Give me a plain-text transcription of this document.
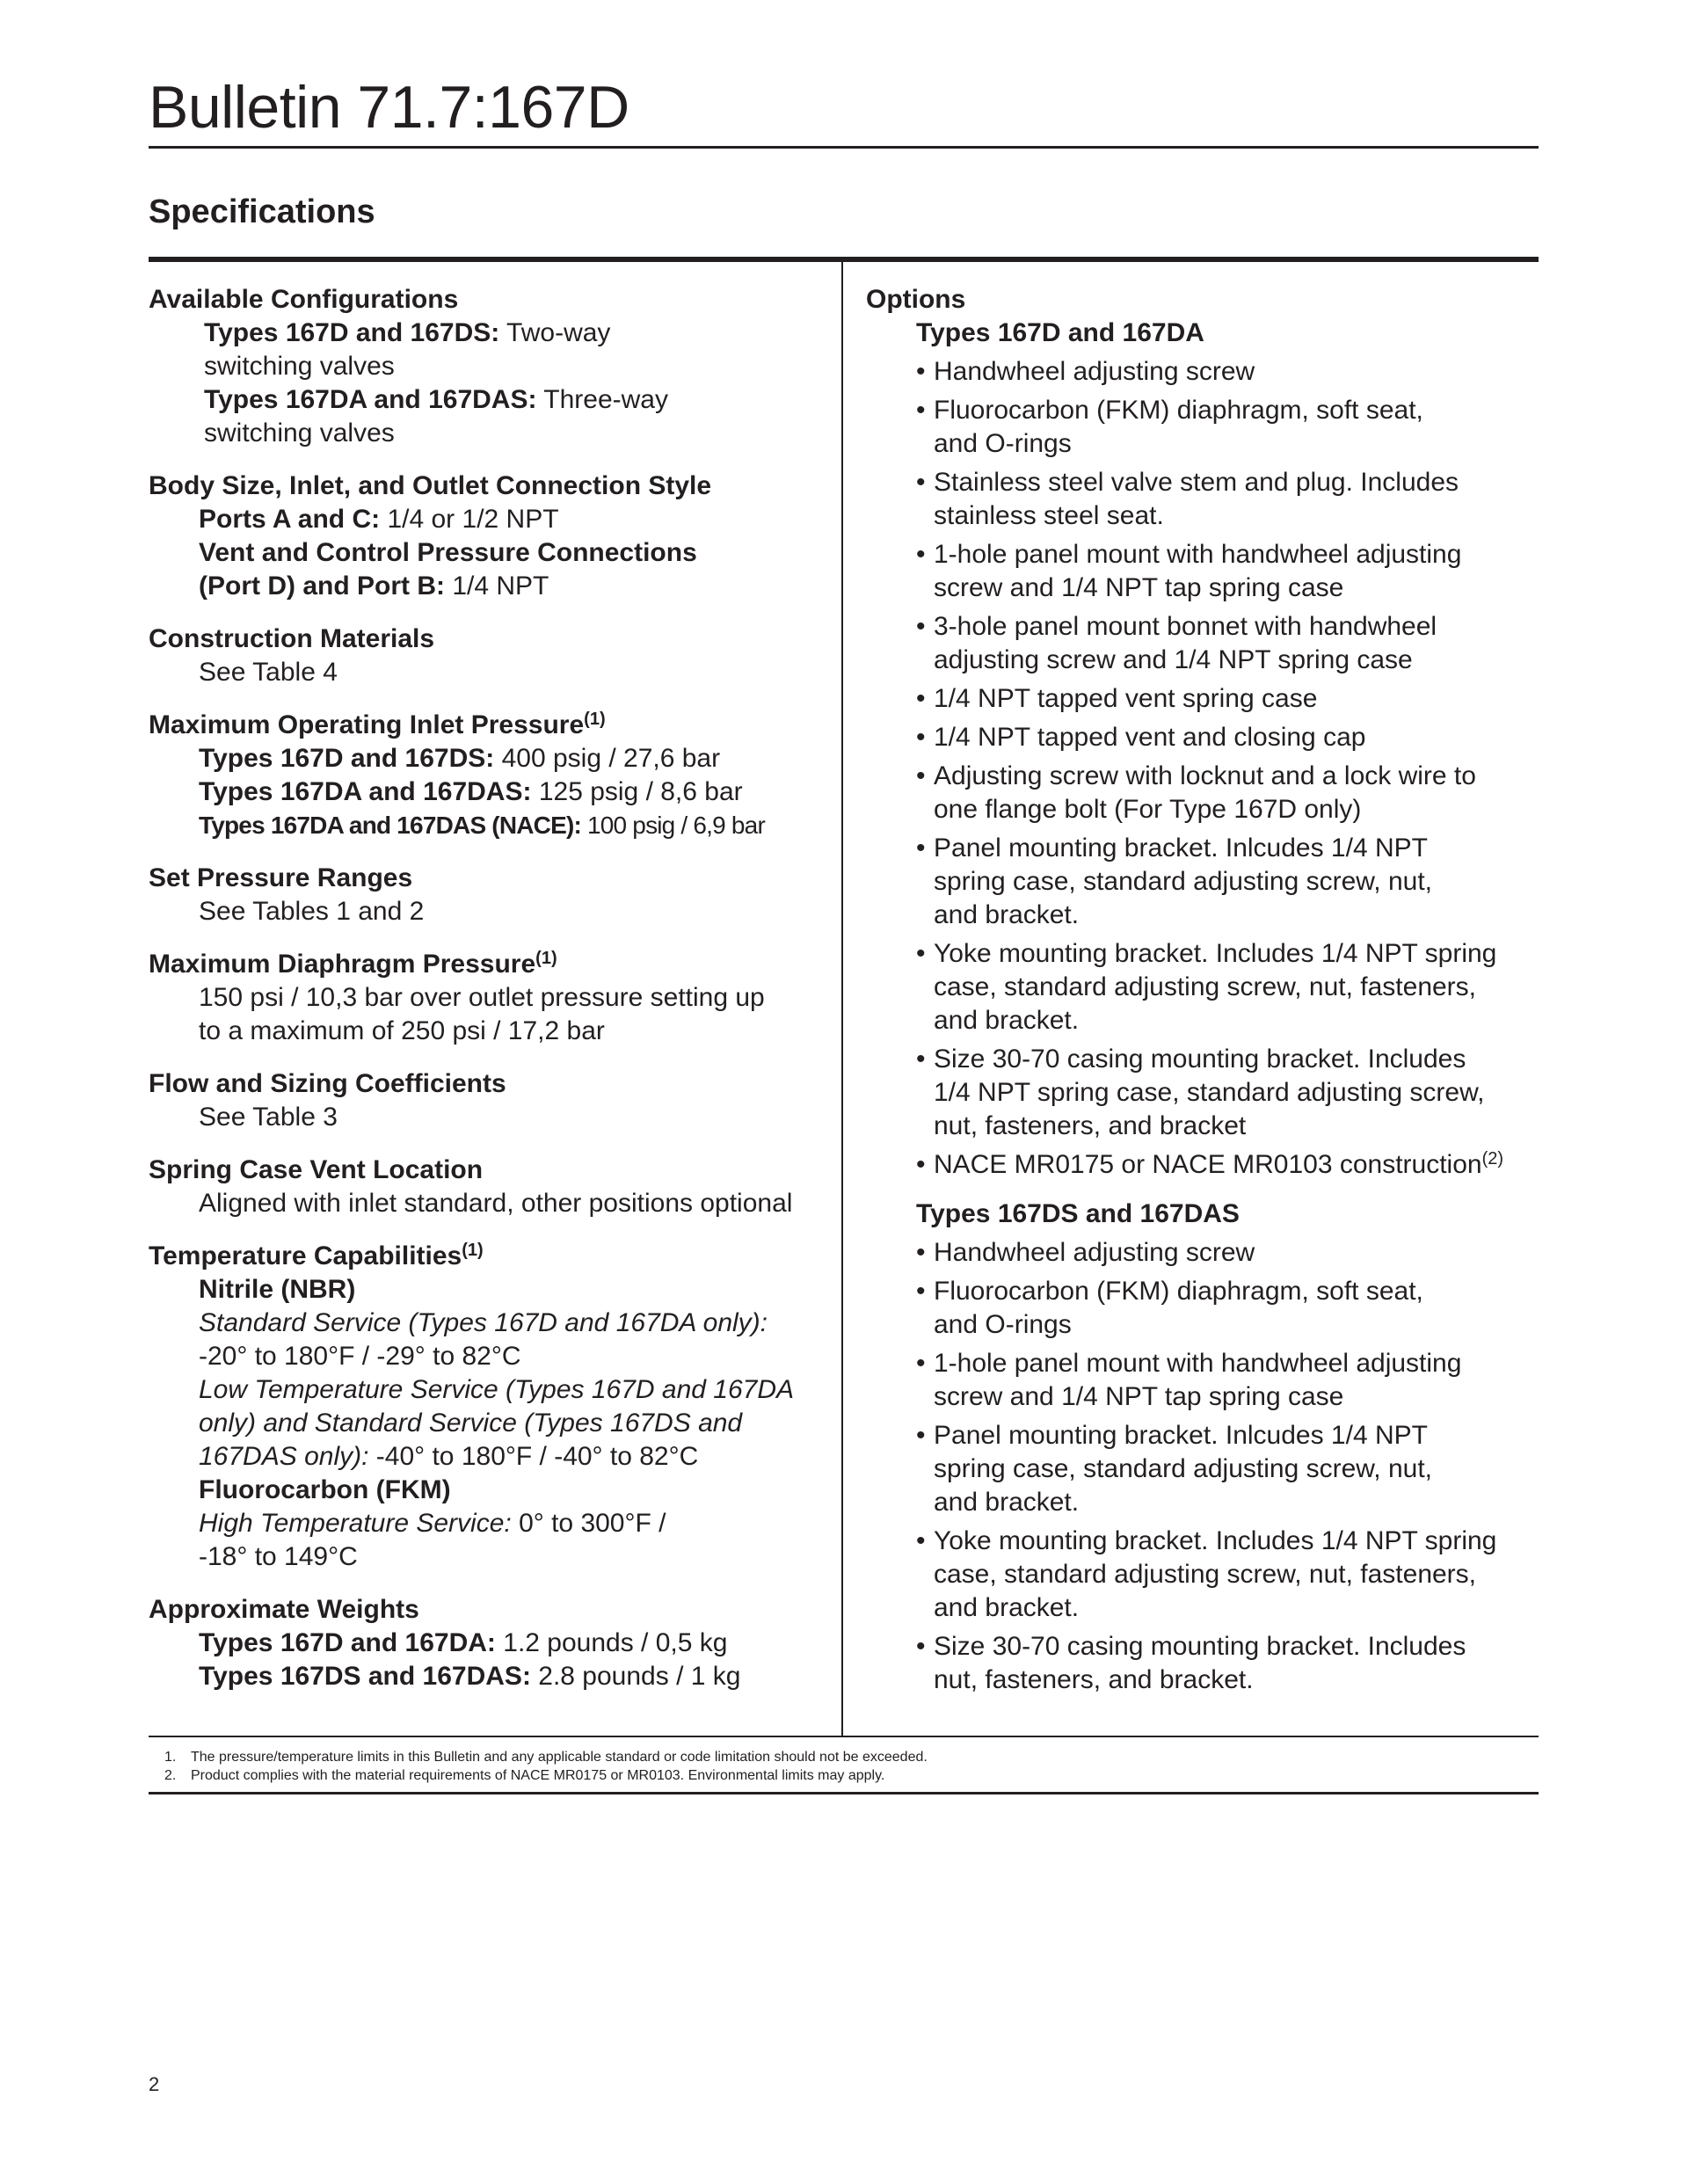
Bulletin 71.7:167D
Specifications
Available Configurations
Types 167D and 167DS: Two-way
switching valves
Types 167DA and 167DAS: Three-way
switching valves
Body Size, Inlet, and Outlet Connection Style
Ports A and C: 1/4 or 1/2 NPT
Vent and Control Pressure Connections
(Port D) and Port B: 1/4 NPT
Construction Materials
See Table 4
Maximum Operating Inlet Pressure$^{(1)}$
Types 167D and 167DS: 400 psig / 27,6 bar
Types 167DA and 167DAS: 125 psig / 8,6 bar
Types 167DA and 167DAS (NACE): 100 psig / 6,9 bar
Set Pressure Ranges
See Tables 1 and 2
Maximum Diaphragm Pressure$^{(1)}$
150 psi / 10,3 bar over outlet pressure setting up
to a maximum of 250 psi / 17,2 bar
Flow and Sizing Coefficients
See Table 3
Spring Case Vent Location
Aligned with inlet standard, other positions optional
Temperature Capabilities$^{(1)}$
Nitrile (NBR)
Standard Service (Types 167D and 167DA only):
-20° to 180°F / -29° to 82°C
Low Temperature Service (Types 167D and 167DA
only) and Standard Service (Types 167DS and
167DAS only): -40° to 180°F / -40° to 82°C
Fluorocarbon (FKM)
High Temperature Service: 0° to 300°F /
-18° to 149°C
Approximate Weights
Types 167D and 167DA: 1.2 pounds / 0,5 kg
Types 167DS and 167DAS: 2.8 pounds / 1 kg
Options
Types 167D and 167DA
• Handwheel adjusting screw
• Fluorocarbon (FKM) diaphragm, soft seat,
and O-rings
• Stainless steel valve stem and plug. Includes
stainless steel seat.
• 1-hole panel mount with handwheel adjusting
screw and 1/4 NPT tap spring case
• 3-hole panel mount bonnet with handwheel
adjusting screw and 1/4 NPT spring case
• 1/4 NPT tapped vent spring case
• 1/4 NPT tapped vent and closing cap
• Adjusting screw with locknut and a lock wire to
one flange bolt (For Type 167D only)
• Panel mounting bracket. Inlcudes 1/4 NPT
spring case, standard adjusting screw, nut,
and bracket.
• Yoke mounting bracket. Includes 1/4 NPT spring
case, standard adjusting screw, nut, fasteners,
and bracket.
• Size 30-70 casing mounting bracket. Includes
1/4 NPT spring case, standard adjusting screw,
nut, fasteners, and bracket
• NACE MR0175 or NACE MR0103 construction$^{(2)}$
Types 167DS and 167DAS
• Handwheel adjusting screw
• Fluorocarbon (FKM) diaphragm, soft seat,
and O-rings
• 1-hole panel mount with handwheel adjusting
screw and 1/4 NPT tap spring case
• Panel mounting bracket. Inlcudes 1/4 NPT
spring case, standard adjusting screw, nut,
and bracket.
• Yoke mounting bracket. Includes 1/4 NPT spring
case, standard adjusting screw, nut, fasteners,
and bracket.
• Size 30-70 casing mounting bracket. Includes
nut, fasteners, and bracket.
1. The pressure/temperature limits in this Bulletin and any applicable standard or code limitation should not be exceeded.
2. Product complies with the material requirements of NACE MR0175 or MR0103. Environmental limits may apply.
2
